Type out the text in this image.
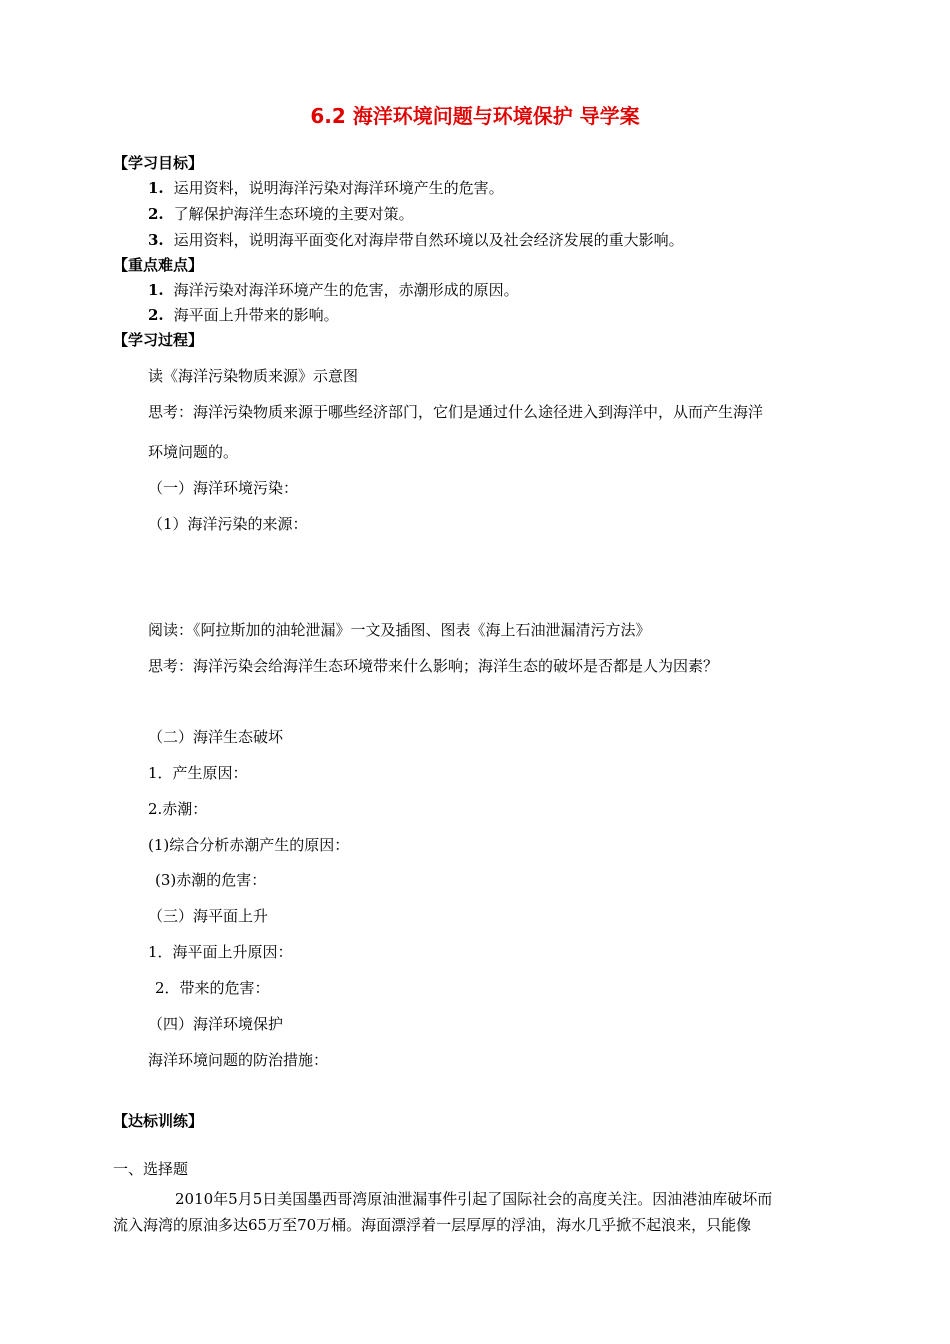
6.2 海洋环境问题与环境保护 导学案
【学习目标】
1. 运用资料，说明海洋污染对海洋环境产生的危害。
2. 了解保护海洋生态环境的主要对策。
3. 运用资料，说明海平面变化对海岸带自然环境以及社会经济发展的重大影响。
【重点难点】
1. 海洋污染对海洋环境产生的危害，赤潮形成的原因。
2. 海平面上升带来的影响。
【学习过程】
读《海洋污染物质来源》示意图
思考：海洋污染物质来源于哪些经济部门，它们是通过什么途径进入到海洋中，从而产生海洋
环境问题的。
（一）海洋环境污染：
（1）海洋污染的来源：
阅读：《阿拉斯加的油轮泄漏》一文及插图、图表《海上石油泄漏清污方法》
思考：海洋污染会给海洋生态环境带来什么影响；海洋生态的破坏是否都是人为因素？
（二）海洋生态破坏
1．产生原因：
2.赤潮：
(1)综合分析赤潮产生的原因：
(3)赤潮的危害：
（三）海平面上升
1．海平面上升原因：
2．带来的危害：
（四）海洋环境保护
海洋环境问题的防治措施：
【达标训练】
一、选择题
2010年5月5日美国墨西哥湾原油泄漏事件引起了国际社会的高度关注。因油港油库破坏而
流入海湾的原油多达65万至70万桶。海面漂浮着一层厚厚的浮油，海水几乎掀不起浪来，只能像
